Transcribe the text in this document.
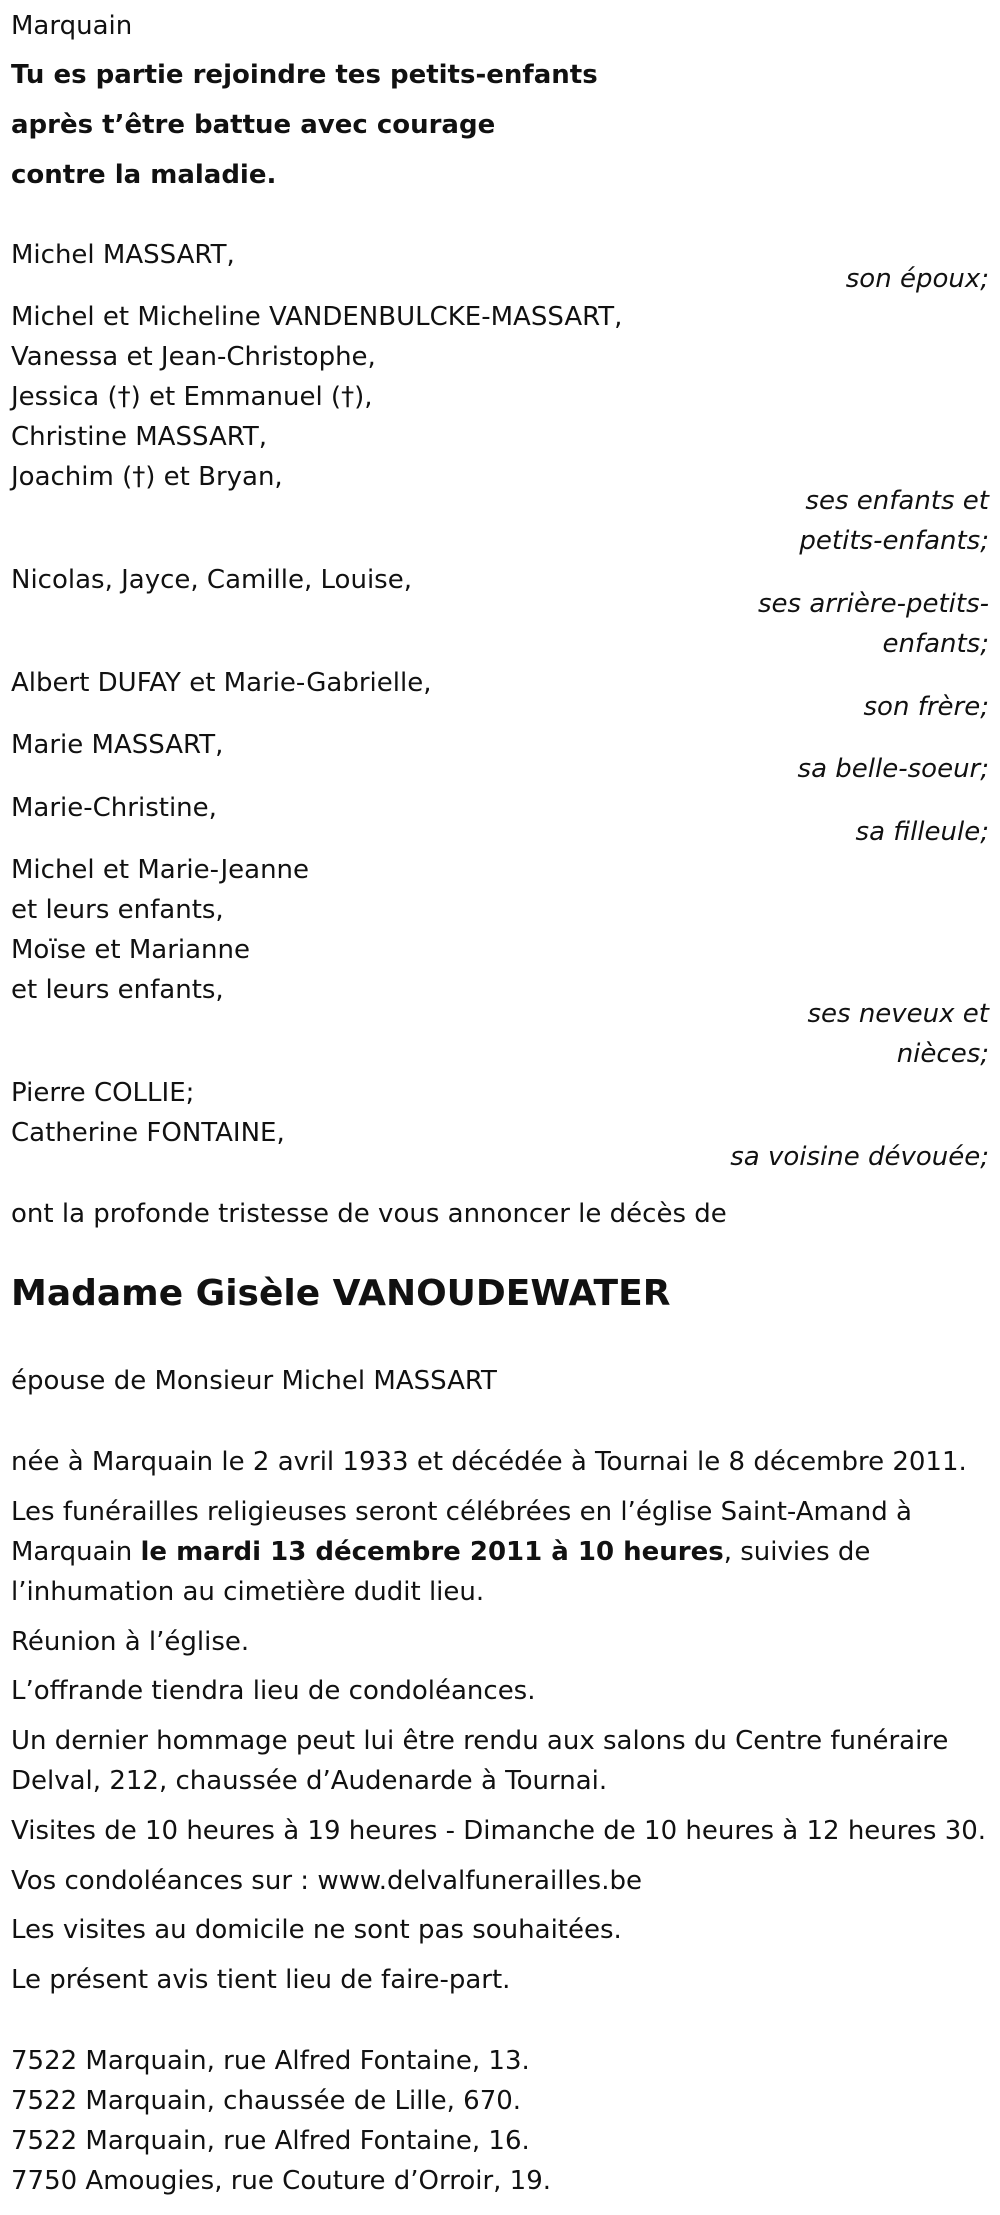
Marquain
Tu es partie rejoindre tes petits-enfants
après t’être battue avec courage
contre la maladie.
Michel MASSART,
son époux;
Michel et Micheline VANDENBULCKE-MASSART,
Vanessa et Jean-Christophe,
Jessica (†) et Emmanuel (†),
Christine MASSART,
Joachim (†) et Bryan,
ses enfants et
petits-enfants;
Nicolas, Jayce, Camille, Louise,
ses arrière-petits-
enfants;
Albert DUFAY et Marie-Gabrielle,
son frère;
Marie MASSART,
sa belle-soeur;
Marie-Christine,
sa filleule;
Michel et Marie-Jeanne
et leurs enfants,
Moïse et Marianne
et leurs enfants,
ses neveux et
nièces;
Pierre COLLIE;
Catherine FONTAINE,
sa voisine dévouée;
ont la profonde tristesse de vous annoncer le décès de
Madame Gisèle VANOUDEWATER
épouse de Monsieur Michel MASSART
née à Marquain le 2 avril 1933 et décédée à Tournai le 8 décembre 2011.
Les funérailles religieuses seront célébrées en l’église Saint-Amand à
Marquain le mardi 13 décembre 2011 à 10 heures, suivies de
l’inhumation au cimetière dudit lieu.
Réunion à l’église.
L’offrande tiendra lieu de condoléances.
Un dernier hommage peut lui être rendu aux salons du Centre funéraire
Delval, 212, chaussée d’Audenarde à Tournai.
Visites de 10 heures à 19 heures - Dimanche de 10 heures à 12 heures 30.
Vos condoléances sur : www.delvalfunerailles.be
Les visites au domicile ne sont pas souhaitées.
Le présent avis tient lieu de faire-part.
7522 Marquain, rue Alfred Fontaine, 13.
7522 Marquain, chaussée de Lille, 670.
7522 Marquain, rue Alfred Fontaine, 16.
7750 Amougies, rue Couture d’Orroir, 19.
